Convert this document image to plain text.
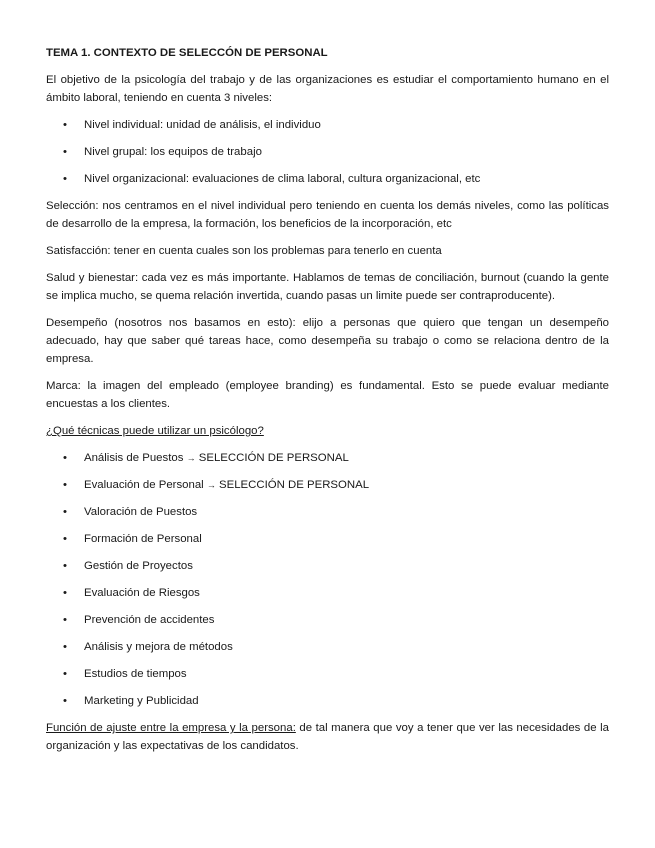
TEMA 1. CONTEXTO DE SELECCÓN DE PERSONAL

El objetivo de la psicología del trabajo y de las organizaciones es estudiar el comportamiento humano en el ámbito laboral, teniendo en cuenta 3 niveles:

• Nivel individual: unidad de análisis, el individuo
• Nivel grupal: los equipos de trabajo
• Nivel organizacional: evaluaciones de clima laboral, cultura organizacional, etc

Selección: nos centramos en el nivel individual pero teniendo en cuenta los demás niveles, como las políticas de desarrollo de la empresa, la formación, los beneficios de la incorporación, etc

Satisfacción: tener en cuenta cuales son los problemas para tenerlo en cuenta

Salud y bienestar: cada vez es más importante. Hablamos de temas de conciliación, burnout (cuando la gente se implica mucho, se quema relación invertida, cuando pasas un limite puede ser contraproducente).

Desempeño (nosotros nos basamos en esto): elijo a personas que quiero que tengan un desempeño adecuado, hay que saber qué tareas hace, como desempeña su trabajo o como se relaciona dentro de la empresa.

Marca: la imagen del empleado (employee branding) es fundamental. Esto se puede evaluar mediante encuestas a los clientes.

¿Qué técnicas puede utilizar un psicólogo?

• Análisis de Puestos → SELECCIÓN DE PERSONAL
• Evaluación de Personal → SELECCIÓN DE PERSONAL
• Valoración de Puestos
• Formación de Personal
• Gestión de Proyectos
• Evaluación de Riesgos
• Prevención de accidentes
• Análisis y mejora de métodos
• Estudios de tiempos
• Marketing y Publicidad

Función de ajuste entre la empresa y la persona: de tal manera que voy a tener que ver las necesidades de la organización y las expectativas de los candidatos.
